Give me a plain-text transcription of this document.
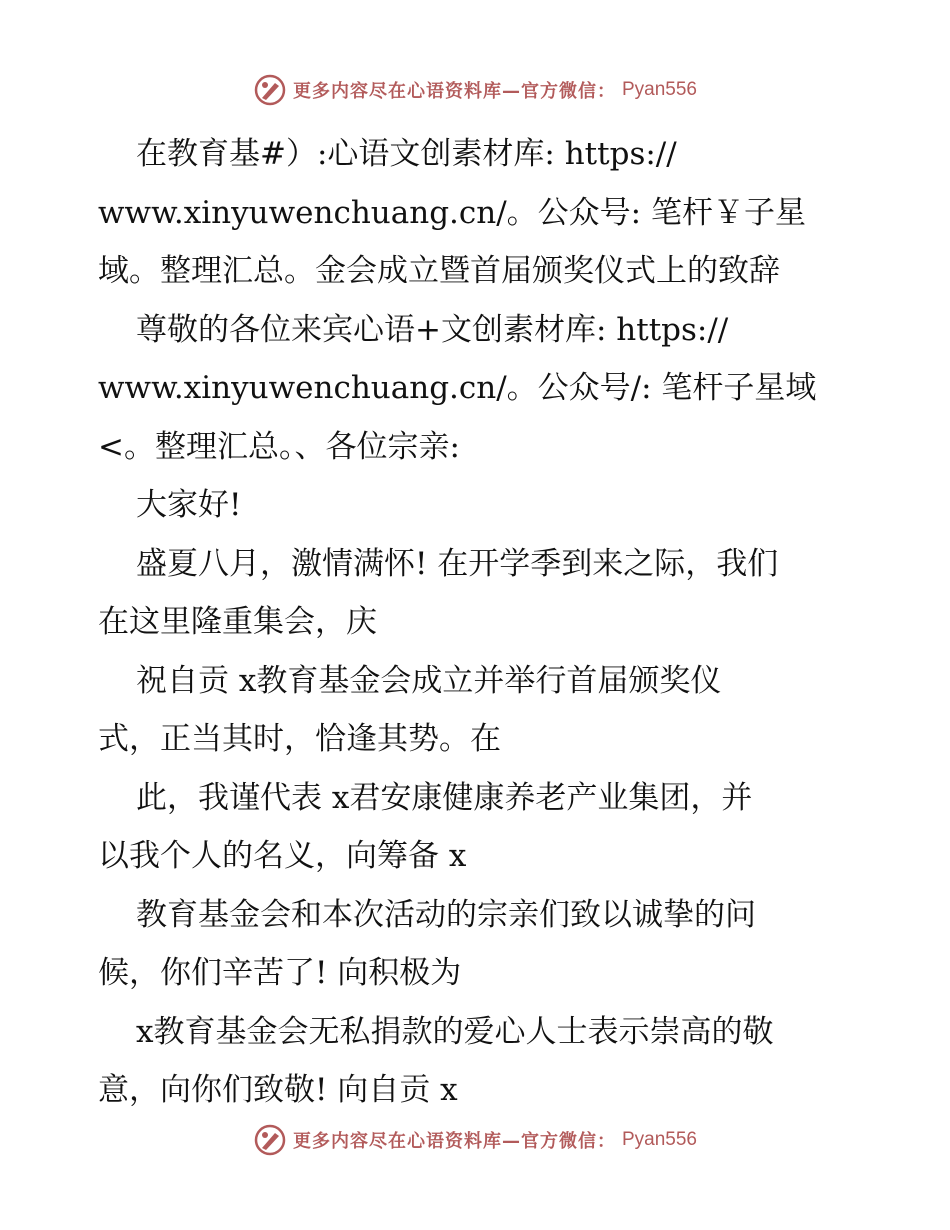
更多内容尽在心语资料库—官方微信： Pyan556
在教育基#）:心语文创素材库: https://
www.xinyuwenchuang.cn/。公众号: 笔杆￥子星
域。整理汇总。金会成立暨首届颁奖仪式上的致辞
尊敬的各位来宾心语+文创素材库: https://
www.xinyuwenchuang.cn/。公众号/: 笔杆子星域
<。整理汇总。、各位宗亲:
大家好!
盛夏八月，激情满怀! 在开学季到来之际，我们
在这里隆重集会，庆
祝自贡 x教育基金会成立并举行首届颁奖仪
式，正当其时，恰逢其势。在
此，我谨代表 x君安康健康养老产业集团，并
以我个人的名义，向筹备 x
教育基金会和本次活动的宗亲们致以诚挚的问
候，你们辛苦了! 向积极为
x教育基金会无私捐款的爱心人士表示崇高的敬
意，向你们致敬! 向自贡 x
更多内容尽在心语资料库—官方微信： Pyan556
